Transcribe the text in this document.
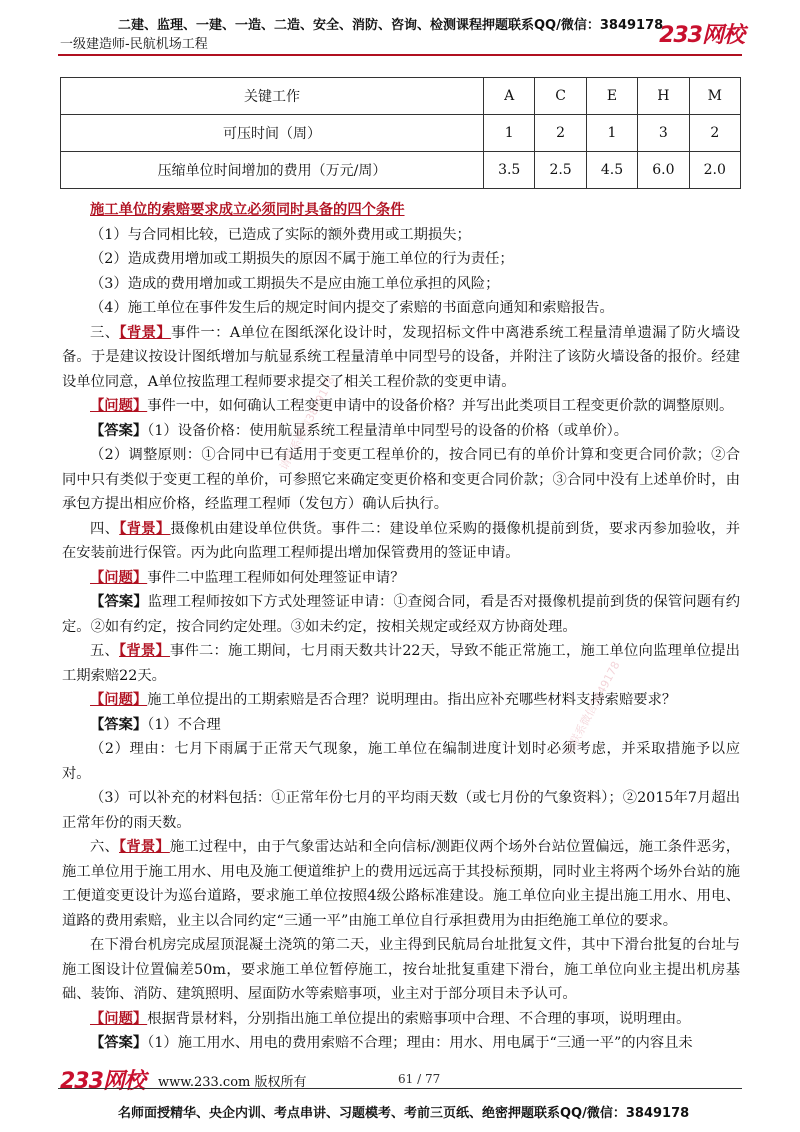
二建、监理、一建、一造、二造、安全、消防、咨询、检测课程押题联系QQ/微信：3849178
一级建造师-民航机场工程	233网校
关键工作	A	C	E	H	M
可压时间（周）	1	2	1	3	2
压缩单位时间增加的费用（万元/周）	3.5	2.5	4.5	6.0	2.0

施工单位的索赔要求成立必须同时具备的四个条件

（1）与合同相比较，已造成了实际的额外费用或工期损失；

（2）造成费用增加或工期损失的原因不属于施工单位的行为责任；

（3）造成的费用增加或工期损失不是应由施工单位承担的风险；

（4）施工单位在事件发生后的规定时间内提交了索赔的书面意向通知和索赔报告。

三、【背景】事件一：A单位在图纸深化设计时，发现招标文件中离港系统工程量清单遗漏了防火墙设备。于是建议按设计图纸增加与航显系统工程量清单中同型号的设备，并附注了该防火墙设备的报价。经建设单位同意，A单位按监理工程师要求提交了相关工程价款的变更申请。

【问题】事件一中，如何确认工程变更申请中的设备价格？并写出此类项目工程变更价款的调整原则。

【答案】（1）设备价格：使用航显系统工程量清单中同型号的设备的价格（或单价）。

（2）调整原则：①合同中已有适用于变更工程单价的，按合同已有的单价计算和变更合同价款；②合同中只有类似于变更工程的单价，可参照它来确定变更价格和变更合同价款；③合同中没有上述单价时，由承包方提出相应价格，经监理工程师（发包方）确认后执行。

四、【背景】摄像机由建设单位供货。事件二：建设单位采购的摄像机提前到货，要求丙参加验收，并在安装前进行保管。丙为此向监理工程师提出增加保管费用的签证申请。

【问题】事件二中监理工程师如何处理签证申请？

【答案】监理工程师按如下方式处理签证申请：①查阅合同，看是否对摄像机提前到货的保管问题有约定。②如有约定，按合同约定处理。③如未约定，按相关规定或经双方协商处理。

五、【背景】事件二：施工期间，七月雨天数共计22天，导致不能正常施工，施工单位向监理单位提出工期索赔22天。

【问题】施工单位提出的工期索赔是否合理？说明理由。指出应补充哪些材料支持索赔要求？

【答案】（1）不合理

（2）理由：七月下雨属于正常天气现象，施工单位在编制进度计划时必须考虑，并采取措施予以应对。

（3）可以补充的材料包括：①正常年份七月的平均雨天数（或七月份的气象资料）；②2015年7月超出正常年份的雨天数。

六、【背景】施工过程中，由于气象雷达站和全向信标/测距仪两个场外台站位置偏远，施工条件恶劣，施工单位用于施工用水、用电及施工便道维护上的费用远远高于其投标预期，同时业主将两个场外台站的施工便道变更设计为巡台道路，要求施工单位按照4级公路标准建设。施工单位向业主提出施工用水、用电、道路的费用索赔，业主以合同约定“三通一平”由施工单位自行承担费用为由拒绝施工单位的要求。

在下滑台机房完成屋顶混凝土浇筑的第二天，业主得到民航局台址批复文件，其中下滑台批复的台址与施工图设计位置偏差50m，要求施工单位暂停施工，按台址批复重建下滑台，施工单位向业主提出机房基础、装饰、消防、建筑照明、屋面防水等索赔事项，业主对于部分项目未予认可。

【问题】根据背景材料，分别指出施工单位提出的索赔事项中合理、不合理的事项，说明理由。

【答案】（1）施工用水、用电的费用索赔不合理；理由：用水、用电属于“三通一平”的内容且未

请联系微信3849178
请联系微信3849178
233网校 www.233.com 版权所有	61 / 77
名师面授精华、央企内训、考点串讲、习题模考、考前三页纸、绝密押题联系QQ/微信：3849178
